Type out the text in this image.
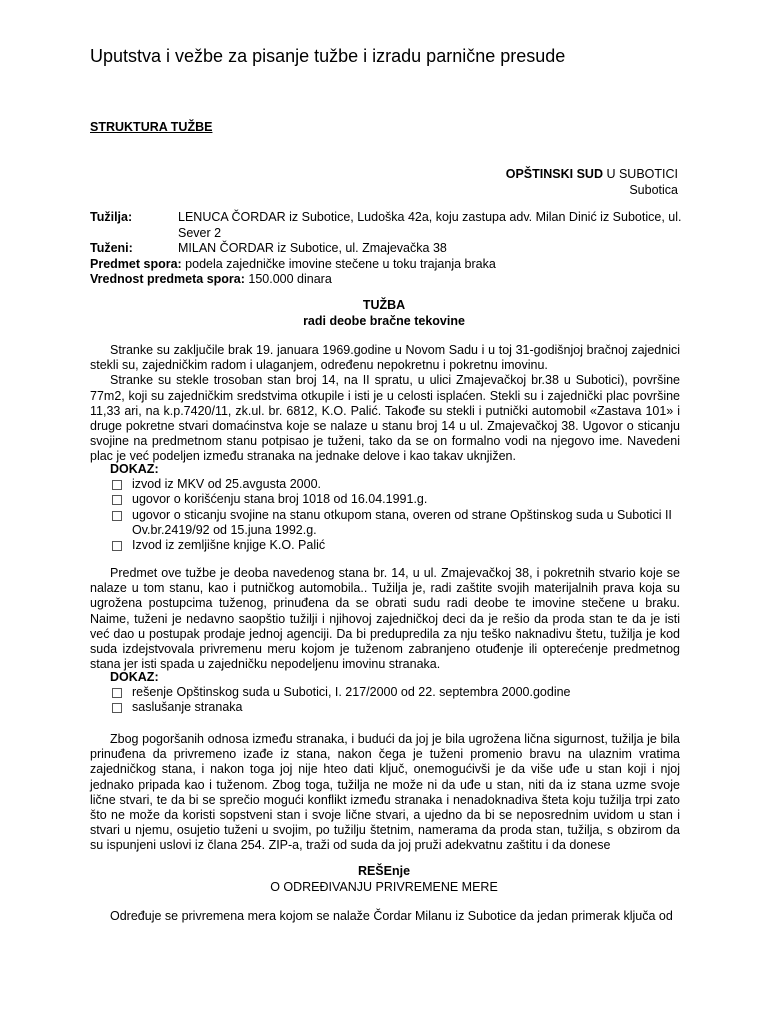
Uputstva i vežbe za pisanje tužbe i izradu parnične presude
STRUKTURA TUŽBE
OPŠTINSKI SUD U SUBOTICI
Subotica
Tužilja:	LENUCA ČORDAR iz Subotice, Ludoška 42a, koju zastupa adv. Milan Dinić iz Subotice, ul. Sever 2
Tuženi:	MILAN ČORDAR iz Subotice, ul. Zmajevačka 38
Predmet spora: podela zajedničke imovine stečene u toku trajanja braka
Vrednost predmeta spora: 150.000 dinara
TUŽBA
radi deobe bračne tekovine

Stranke su zaključile brak 19. januara 1969.godine u Novom Sadu i u toj 31-godišnjoj bračnoj zajednici stekli su, zajedničkim radom i ulaganjem, određenu nepokretnu i pokretnu imovinu.

Stranke su stekle trosoban stan broj 14, na II spratu, u ulici Zmajevačkoj br.38 u Subotici), površine 77m2, koji su zajedničkim sredstvima otkupile i isti je u celosti isplaćen. Stekli su i zajednički plac površine 11,33 ari, na k.p.7420/11, zk.ul. br. 6812, K.O. Palić. Takođe su stekli i putnički automobil «Zastava 101» i druge pokretne stvari domaćinstva koje se nalaze u stanu broj 14 u ul. Zmajevačkoj 38. Ugovor o sticanju svojine na predmetnom stanu potpisao je tuženi, tako da se on formalno vodi na njegovo ime. Navedeni plac je već podeljen između stranaka na jednake delove i kao takav uknjižen.

DOKAZ:
izvod iz MKV od 25.avgusta 2000.
ugovor o korišćenju stana broj 1018 od 16.04.1991.g.
ugovor o sticanju svojine na stanu otkupom stana, overen od strane Opštinskog suda u Subotici II Ov.br.2419/92 od 15.juna 1992.g.
Izvod iz zemljišne knjige K.O. Palić

Predmet ove tužbe je deoba navedenog stana br. 14, u ul. Zmajevačkoj 38, i pokretnih stvario koje se nalaze u tom stanu, kao i putničkog automobila.. Tužilja je, radi zaštite svojih materijalnih prava koja su ugrožena postupcima tuženog, prinuđena da se obrati sudu radi deobe te imovine stečene u braku. Naime, tuženi je nedavno saopštio tužilji i njihovoj zajedničkoj deci da je rešio da proda stan te da je isti već dao u postupak prodaje jednoj agenciji. Da bi predupredila za nju teško naknadivu štetu, tužilja je kod suda izdejstvovala privremenu meru kojom je tuženom zabranjeno otuđenje ili opterećenje predmetnog stana jer isti spada u zajedničku nepodeljenu imovinu stranaka.

DOKAZ:
rešenje Opštinskog suda u Subotici, I. 217/2000 od 22. septembra 2000.godine
saslušanje stranaka

Zbog pogoršanih odnosa između stranaka, i budući da joj je bila ugrožena lična sigurnost, tužilja je bila prinuđena da privremeno izađe iz stana, nakon čega je tuženi promenio bravu na ulaznim vratima zajedničkog stana, i nakon toga joj nije hteo dati ključ, onemogućivši je da više uđe u stan koji i njoj jednako pripada kao i tuženom. Zbog toga, tužilja ne može ni da uđe u stan, niti da iz stana uzme svoje lične stvari, te da bi se sprečio mogući konflikt između stranaka i nenadoknadiva šteta koju tužilja trpi zato što ne može da koristi sopstveni stan i svoje lične stvari, a ujedno da bi se neposrednim uvidom u stan i stvari u njemu, osujetio tuženi u svojim, po tužilju štetnim, namerama da proda stan, tužilja, s obzirom da su ispunjeni uslovi iz člana 254. ZIP-a, traži od suda da joj pruži adekvatnu zaštitu i da donese

REŠEnje
O ODREĐIVANJU PRIVREMENE MERE

Određuje se privremena mera kojom se nalaže Čordar Milanu iz Subotice da jedan primerak ključa od
